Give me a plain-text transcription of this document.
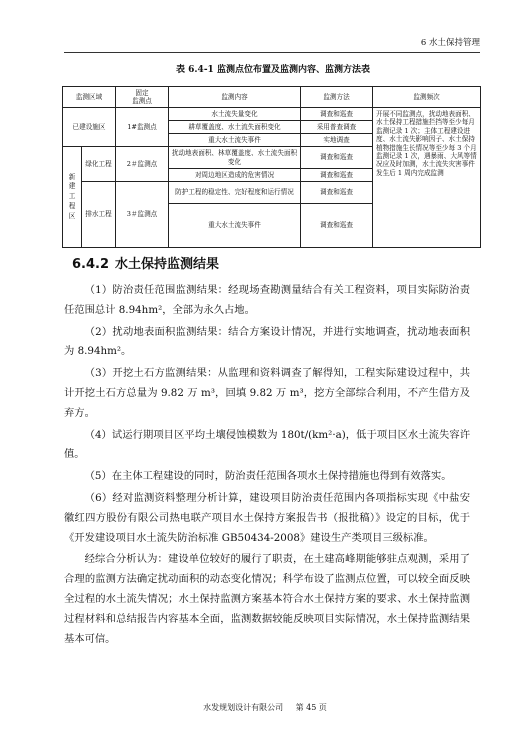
6 水土保持管理
表 6.4-1 监测点位布置及监测内容、监测方法表
监测区域		固定
监测点	监测内容	监测方法	监测频次
已建设施区		1#监测点	水土流失量变化	调查和巡查	开展不同监测点，扰动地表面积、水土保持工程措施拦挡等至少每月监测记录 1 次；主体工程建设进度、水土流失影响因子、水土保持植物措施生长情况等至少每 3 个月监测记录 1 次，遇暴雨、大风等情况应及时加测，水土流失灾害事件发生后 1 周内完成监测
			耕草覆盖度、水土流失面积变化	采用普查调查	
			重大水土流失事件	实地调查	
新建工程区	绿化工程	2＃监测点	扰动地表面积、林草覆盖度、水土流失面积变化	调查和巡查	
			对周边地区造成的危害情况	调查和巡查	
	排水工程	3＃监测点	防护工程的稳定性、完好程度和运行情况	调查和巡查	
			重大水土流失事件	调查和巡查	
6.4.2 水土保持监测结果

（1）防治责任范围监测结果：经现场查勘测量结合有关工程资料，项目实际防治责任范围总计 8.94hm²，全部为永久占地。

（2）扰动地表面积监测结果：结合方案设计情况，并进行实地调查，扰动地表面积为 8.94hm²。

（3）开挖土石方监测结果：从监理和资料调查了解得知，工程实际建设过程中，共计开挖土石方总量为 9.82 万 m³，回填 9.82 万 m³，挖方全部综合利用，不产生借方及弃方。

（4）试运行期项目区平均土壤侵蚀模数为 180t/(km²·a)，低于项目区水土流失容许值。

（5）在主体工程建设的同时，防治责任范围各项水土保持措施也得到有效落实。

（6）经对监测资料整理分析计算，建设项目防治责任范围内各项指标实现《中盐安徽红四方股份有限公司热电联产项目水土保持方案报告书（报批稿）》设定的目标，优于《开发建设项目水土流失防治标准 GB50434-2008》建设生产类项目三级标准。

经综合分析认为：建设单位较好的履行了职责，在土建高峰期能够驻点观测，采用了合理的监测方法确定扰动面积的动态变化情况；科学布设了监测点位置，可以较全面反映全过程的水土流失情况；水土保持监测方案基本符合水土保持方案的要求、水土保持监测过程材料和总结报告内容基本全面，监测数据较能反映项目实际情况，水土保持监测结果基本可信。

水发规划设计有限公司 第 45 页
